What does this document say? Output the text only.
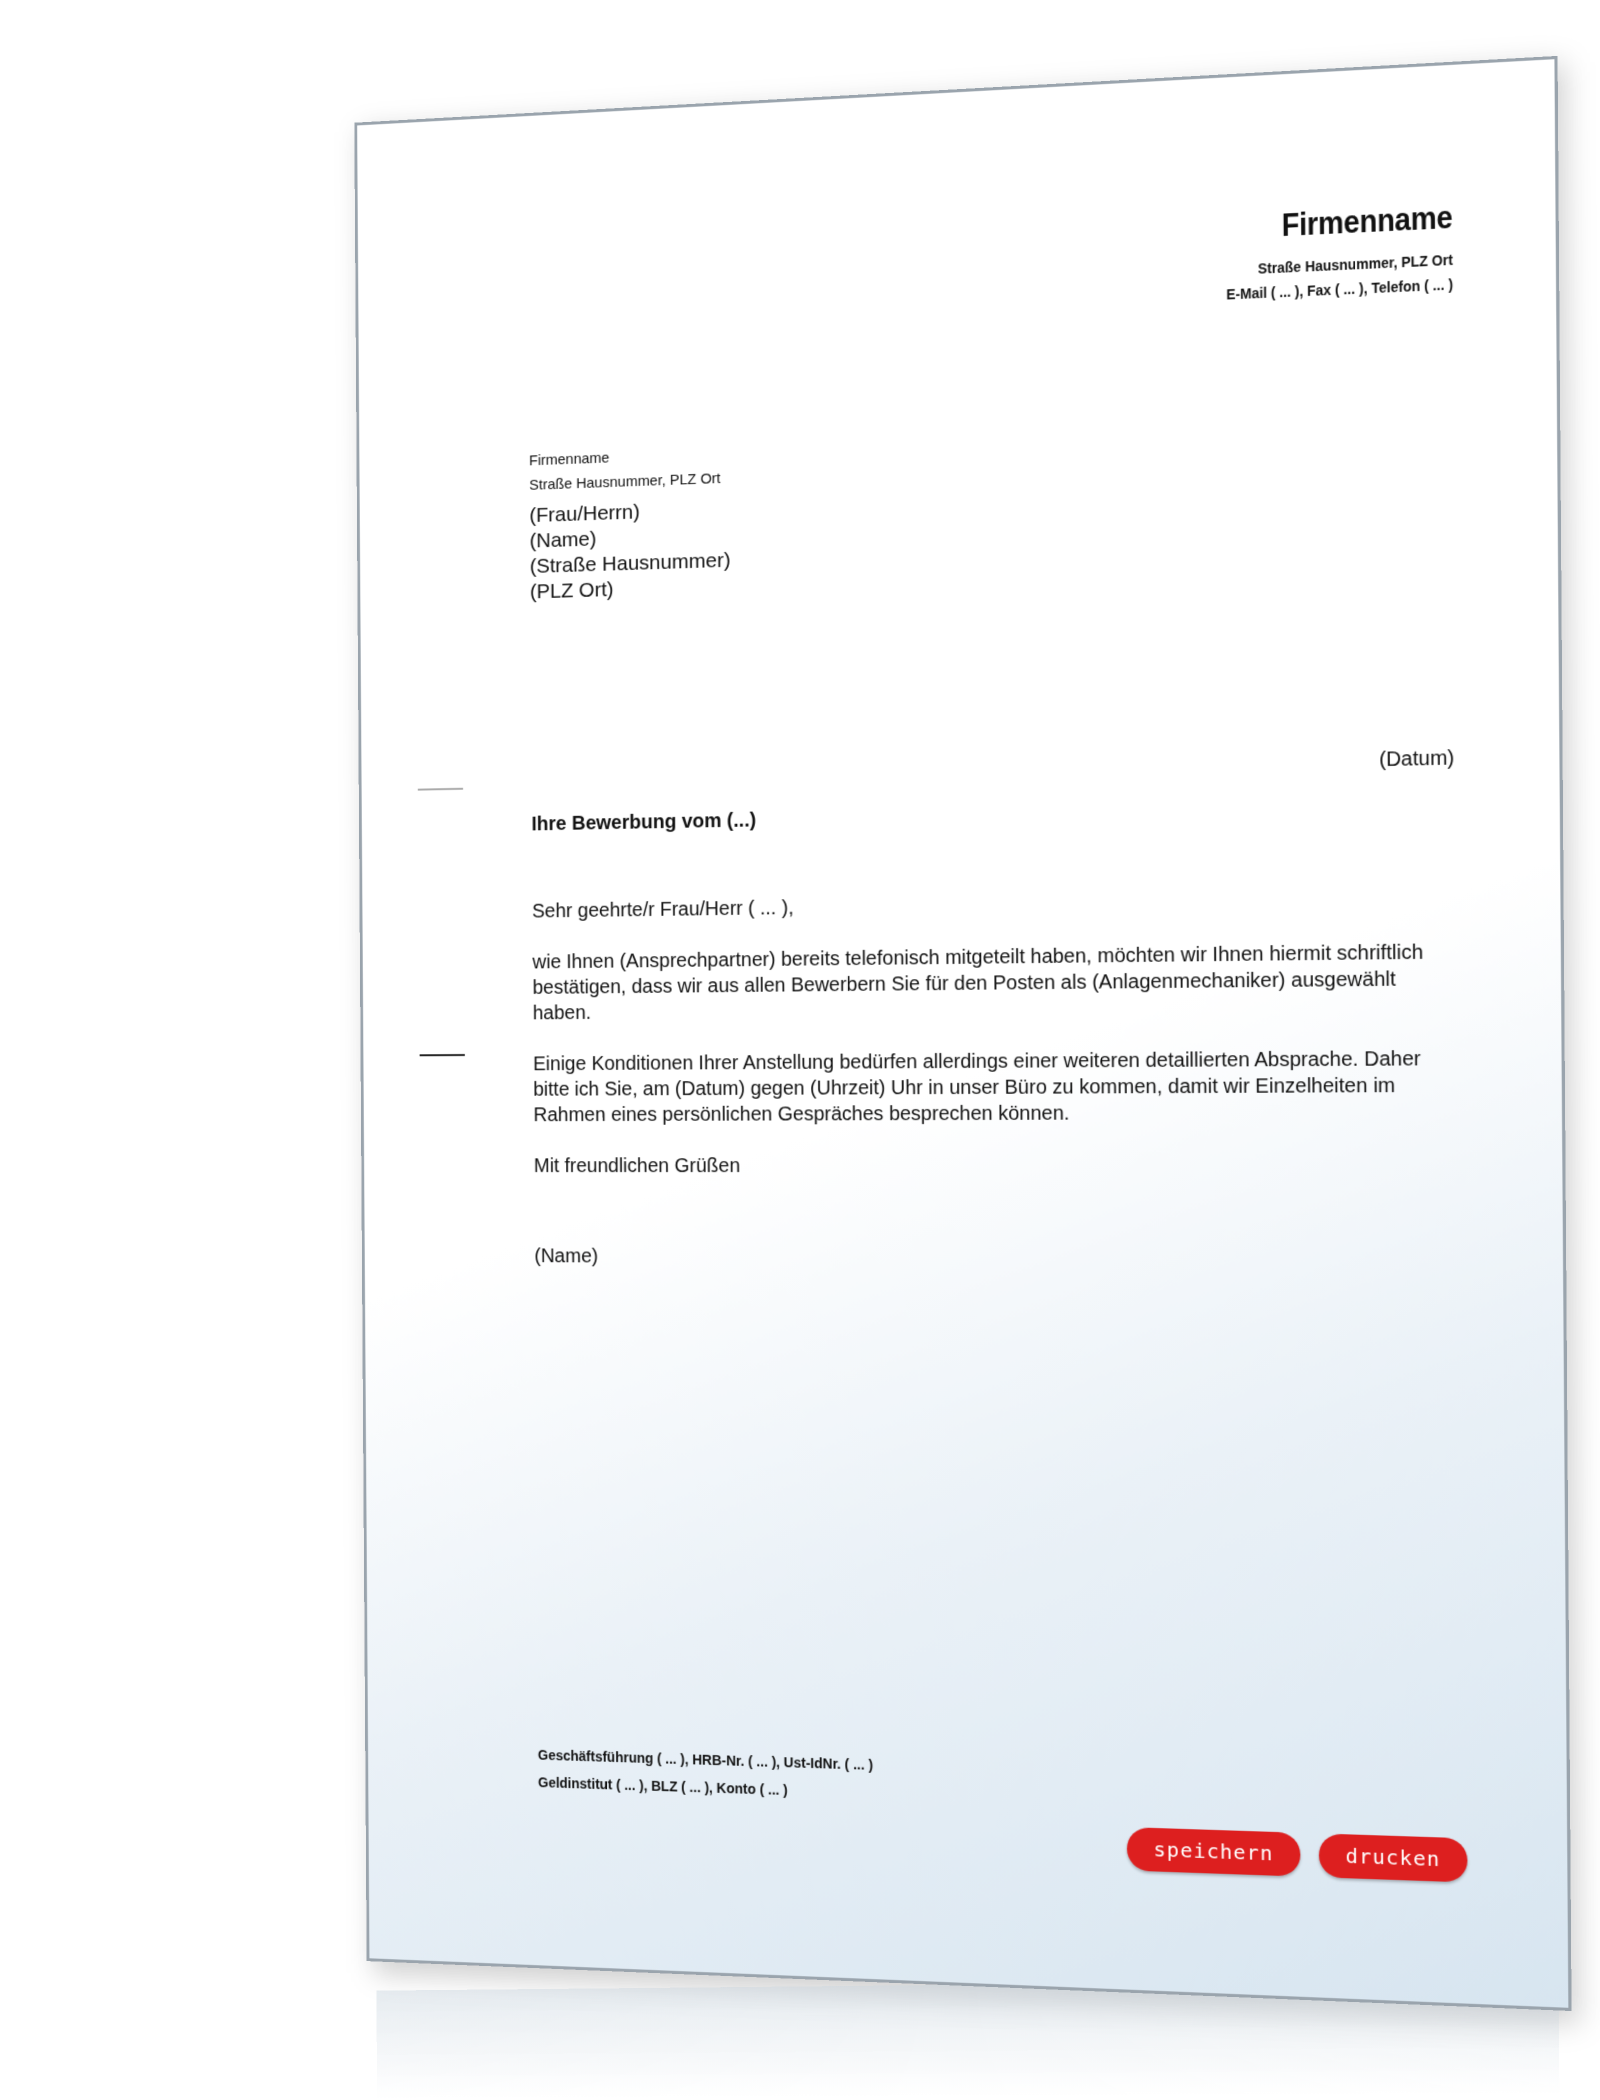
Firmenname
Straße Hausnummer, PLZ Ort
E-Mail ( ... ), Fax ( ... ), Telefon ( ... )
Firmenname
Straße Hausnummer, PLZ Ort
(Frau/Herrn)
(Name)
(Straße Hausnummer)
(PLZ Ort)
(Datum)
Ihre Bewerbung vom (...)

Sehr geehrte/r Frau/Herr ( ... ),

wie Ihnen (Ansprechpartner) bereits telefonisch mitgeteilt haben, möchten wir Ihnen hiermit schriftlich bestätigen, dass wir aus allen Bewerbern Sie für den Posten als (Anlagenmechaniker) ausgewählt haben.

Einige Konditionen Ihrer Anstellung bedürfen allerdings einer weiteren detaillierten Absprache. Daher bitte ich Sie, am (Datum) gegen (Uhrzeit) Uhr in unser Büro zu kommen, damit wir Einzelheiten im Rahmen eines persönlichen Gespräches besprechen können.

Mit freundlichen Grüßen

(Name)

Geschäftsführung ( ... ), HRB-Nr. ( ... ), Ust-IdNr. ( ... )
Geldinstitut ( ... ), BLZ ( ... ), Konto ( ... )
speichern	drucken
